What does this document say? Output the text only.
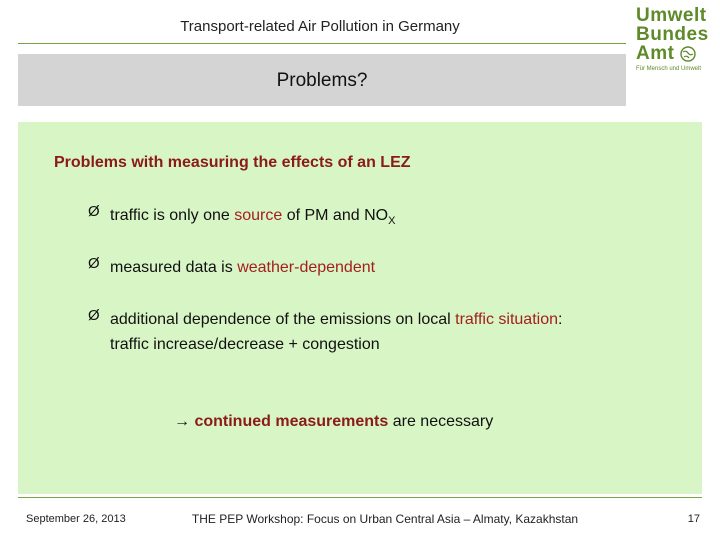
Transport-related Air Pollution in Germany
Umwelt
Bundes
Amt
Für Mensch und Umwelt
Problems?
Problems with measuring the effects of an LEZ
Ø traffic is only one source of PM and $NO_X$
Ø measured data is weather-dependent
Ø additional dependence of the emissions on local traffic situation:
traffic increase/decrease + congestion
→ continued measurements are necessary
September 26, 2013	THE PEP Workshop: Focus on Urban Central Asia – Almaty, Kazakhstan	17
